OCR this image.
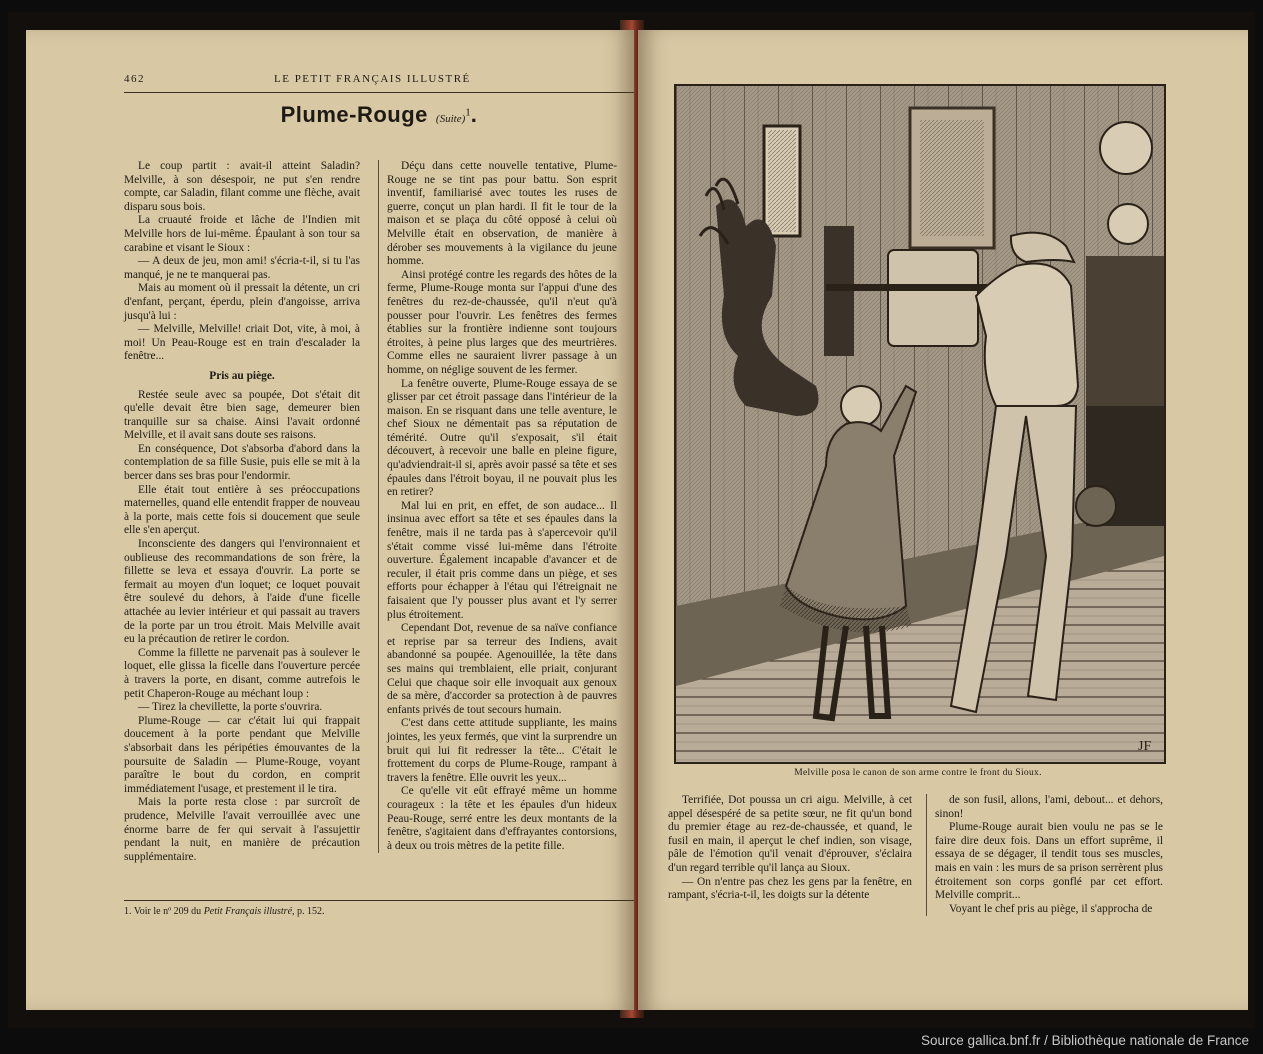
462	LE PETIT FRANÇAIS ILLUSTRÉ
Plume-Rouge (Suite)$^1$.

Le coup partit : avait-il atteint Saladin? Melville, à son désespoir, ne put s'en rendre compte, car Saladin, filant comme une flèche, avait disparu sous bois.

La cruauté froide et lâche de l'Indien mit Melville hors de lui-même. Épaulant à son tour sa carabine et visant le Sioux :

— A deux de jeu, mon ami! s'écria-t-il, si tu l'as manqué, je ne te manquerai pas.

Mais au moment où il pressait la détente, un cri d'enfant, perçant, éperdu, plein d'angoisse, arriva jusqu'à lui :

— Melville, Melville! criait Dot, vite, à moi, à moi! Un Peau-Rouge est en train d'escalader la fenêtre...

Pris au piège.

Restée seule avec sa poupée, Dot s'était dit qu'elle devait être bien sage, demeurer bien tranquille sur sa chaise. Ainsi l'avait ordonné Melville, et il avait sans doute ses raisons.

En conséquence, Dot s'absorba d'abord dans la contemplation de sa fille Susie, puis elle se mit à la bercer dans ses bras pour l'endormir.

Elle était tout entière à ses préoccupations maternelles, quand elle entendit frapper de nouveau à la porte, mais cette fois si doucement que seule elle s'en aperçut.

Inconsciente des dangers qui l'environnaient et oublieuse des recommandations de son frère, la fillette se leva et essaya d'ouvrir. La porte se fermait au moyen d'un loquet; ce loquet pouvait être soulevé du dehors, à l'aide d'une ficelle attachée au levier intérieur et qui passait au travers de la porte par un trou étroit. Mais Melville avait eu la précaution de retirer le cordon.

Comme la fillette ne parvenait pas à soulever le loquet, elle glissa la ficelle dans l'ouverture percée à travers la porte, en disant, comme autrefois le petit Chaperon-Rouge au méchant loup :

— Tirez la chevillette, la porte s'ouvrira.

Plume-Rouge — car c'était lui qui frappait doucement à la porte pendant que Melville s'absorbait dans les péripéties émouvantes de la poursuite de Saladin — Plume-Rouge, voyant paraître le bout du cordon, en comprit immédiatement l'usage, et prestement il le tira.

Mais la porte resta close : par surcroît de prudence, Melville l'avait verrouillée avec une énorme barre de fer qui servait à l'assujettir pendant la nuit, en manière de précaution supplémentaire.

Déçu dans cette nouvelle tentative, Plume-Rouge ne se tint pas pour battu. Son esprit inventif, familiarisé avec toutes les ruses de guerre, conçut un plan hardi. Il fit le tour de la maison et se plaça du côté opposé à celui où Melville était en observation, de manière à dérober ses mouvements à la vigilance du jeune homme.

Ainsi protégé contre les regards des hôtes de la ferme, Plume-Rouge monta sur l'appui d'une des fenêtres du rez-de-chaussée, qu'il n'eut qu'à pousser pour l'ouvrir. Les fenêtres des fermes établies sur la frontière indienne sont toujours étroites, à peine plus larges que des meurtrières. Comme elles ne sauraient livrer passage à un homme, on néglige souvent de les fermer.

La fenêtre ouverte, Plume-Rouge essaya de se glisser par cet étroit passage dans l'intérieur de la maison. En se risquant dans une telle aventure, le chef Sioux ne démentait pas sa réputation de témérité. Outre qu'il s'exposait, s'il était découvert, à recevoir une balle en pleine figure, qu'adviendrait-il si, après avoir passé sa tête et ses épaules dans l'étroit boyau, il ne pouvait plus les en retirer?

Mal lui en prit, en effet, de son audace... Il insinua avec effort sa tête et ses épaules dans la fenêtre, mais il ne tarda pas à s'apercevoir qu'il s'était comme vissé lui-même dans l'étroite ouverture. Également incapable d'avancer et de reculer, il était pris comme dans un piège, et ses efforts pour échapper à l'étau qui l'étreignait ne faisaient que l'y pousser plus avant et l'y serrer plus étroitement.

Cependant Dot, revenue de sa naïve confiance et reprise par sa terreur des Indiens, avait abandonné sa poupée. Agenouillée, la tête dans ses mains qui tremblaient, elle priait, conjurant Celui que chaque soir elle invoquait aux genoux de sa mère, d'accorder sa protection à de pauvres enfants privés de tout secours humain.

C'est dans cette attitude suppliante, les mains jointes, les yeux fermés, que vint la surprendre un bruit qui lui fit redresser la tête... C'était le frottement du corps de Plume-Rouge, rampant à travers la fenêtre. Elle ouvrit les yeux...

Ce qu'elle vit eût effrayé même un homme courageux : la tête et les épaules d'un hideux Peau-Rouge, serré entre les deux montants de la fenêtre, s'agitaient dans d'effrayantes contorsions, à deux ou trois mètres de la petite fille.

1. Voir le nº 209 du Petit Français illustré, p. 152.
JF
Melville posa le canon de son arme contre le front du Sioux.

Terrifiée, Dot poussa un cri aigu. Melville, à cet appel désespéré de sa petite sœur, ne fit qu'un bond du premier étage au rez-de-chaussée, et quand, le fusil en main, il aperçut le chef indien, son visage, pâle de l'émotion qu'il venait d'éprouver, s'éclaira d'un regard terrible qu'il lança au Sioux.

— On n'entre pas chez les gens par la fenêtre, en rampant, s'écria-t-il, les doigts sur la détente

de son fusil, allons, l'ami, debout... et dehors, sinon!

Plume-Rouge aurait bien voulu ne pas se le faire dire deux fois. Dans un effort suprême, il essaya de se dégager, il tendit tous ses muscles, mais en vain : les murs de sa prison serrèrent plus étroitement son corps gonflé par cet effort. Melville comprit...

Voyant le chef pris au piège, il s'approcha de

Source gallica.bnf.fr / Bibliothèque nationale de France
